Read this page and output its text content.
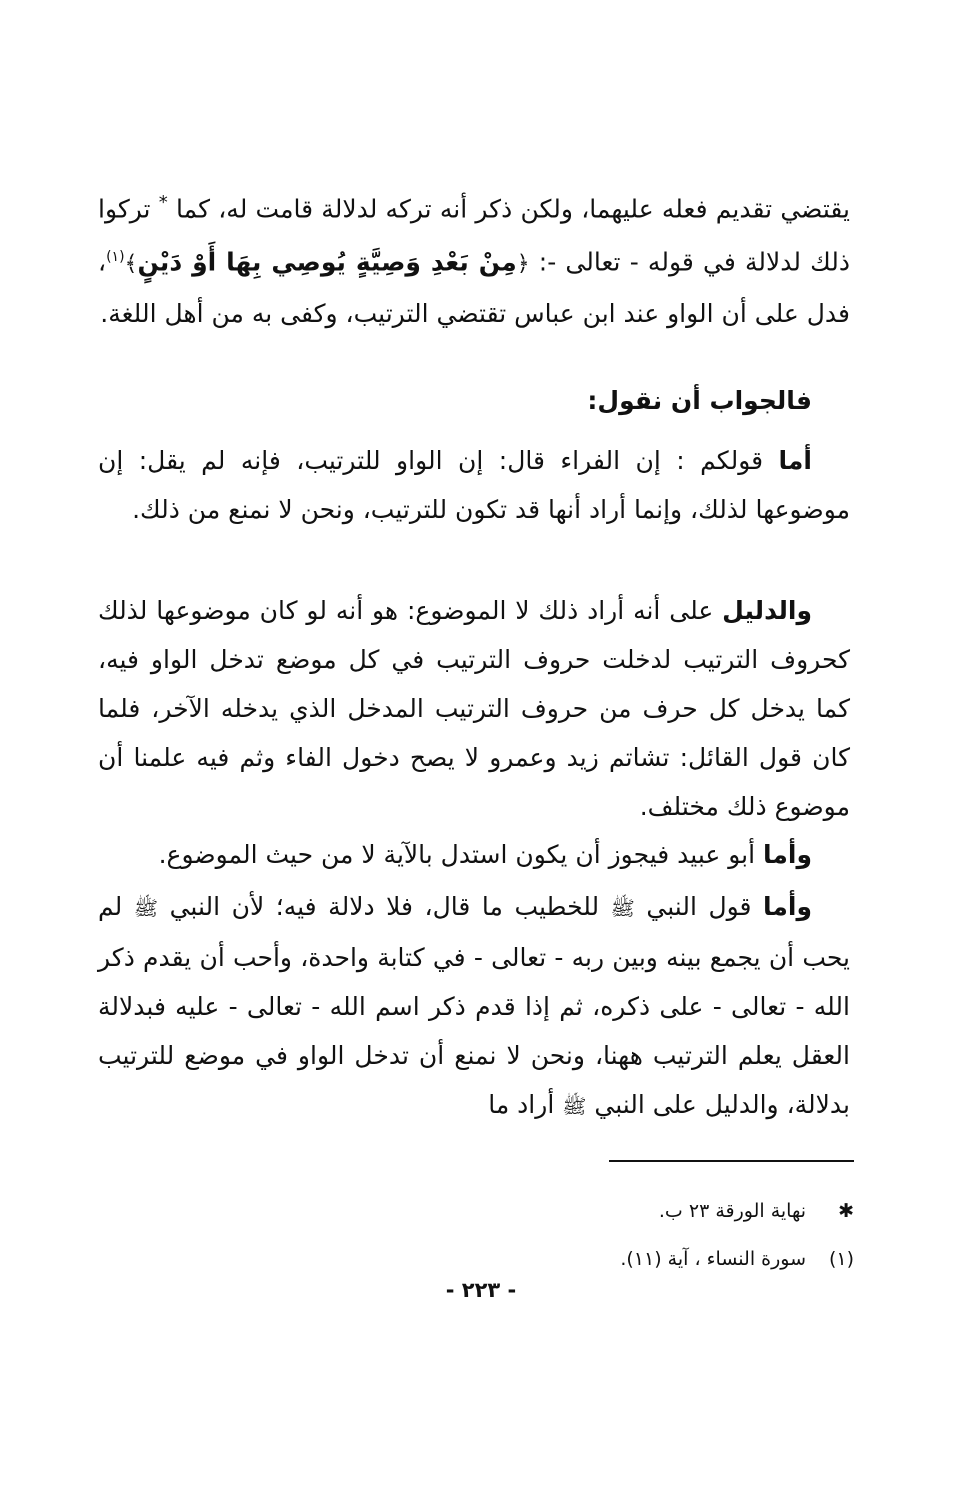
يقتضي تقديم فعله عليهما، ولكن ذكر أنه تركه لدلالة قامت له، كما * تركوا ذلك لدلالة في قوله - تعالى -: ﴿مِنْ بَعْدِ وَصِيَّةٍ يُوصِي بِهَا أَوْ دَيْنٍ﴾$^{(١)}$، فدل على أن الواو عند ابن عباس تقتضي الترتيب، وكفى به من أهل اللغة.
فالجواب أن نقول:
أما قولكم : إن الفراء قال: إن الواو للترتيب، فإنه لم يقل: إن موضوعها لذلك، وإنما أراد أنها قد تكون للترتيب، ونحن لا نمنع من ذلك.
والدليل على أنه أراد ذلك لا الموضوع: هو أنه لو كان موضوعها لذلك كحروف الترتيب لدخلت حروف الترتيب في كل موضع تدخل الواو فيه، كما يدخل كل حرف من حروف الترتيب المدخل الذي يدخله الآخر، فلما كان قول القائل: تشاتم زيد وعمرو لا يصح دخول الفاء وثم فيه علمنا أن موضوع ذلك مختلف.
وأما أبو عبيد فيجوز أن يكون استدل بالآية لا من حيث الموضوع.
وأما قول النبي ﷺ للخطيب ما قال، فلا دلالة فيه؛ لأن النبي ﷺ لم يحب أن يجمع بينه وبين ربه - تعالى - في كتابة واحدة، وأحب أن يقدم ذكر الله - تعالى - على ذكره، ثم إذا قدم ذكر اسم الله - تعالى - عليه فبدلالة العقل يعلم الترتيب ههنا، ونحن لا نمنع أن تدخل الواو في موضع للترتيب بدلالة، والدليل على النبي ﷺ أراد ما
✱نهاية الورقة ٢٣ ب.
(١)سورة النساء ، آية (١١).
- ٢٢٣ -
